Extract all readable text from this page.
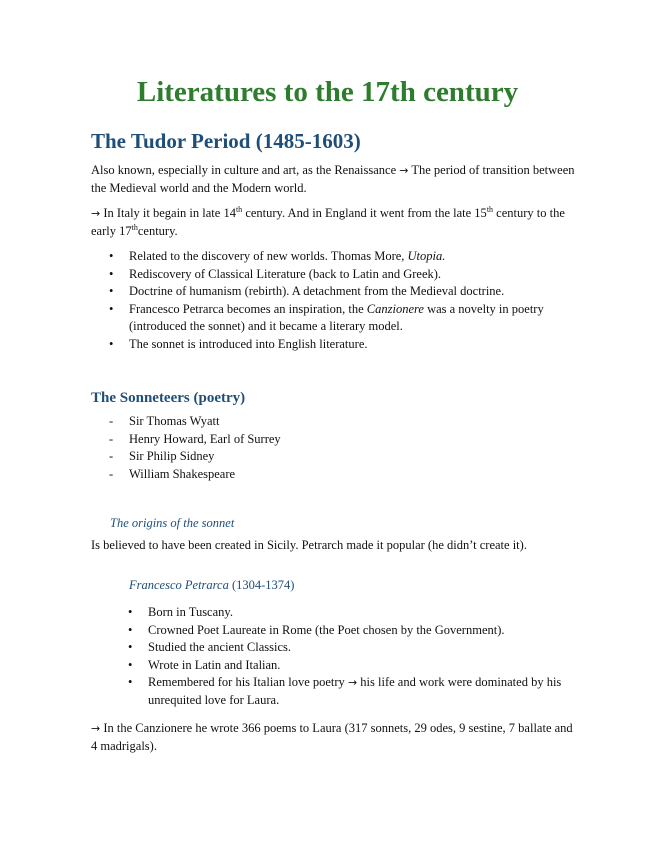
Literatures to the 17th century
The Tudor Period (1485-1603)

Also known, especially in culture and art, as the Renaissance → The period of transition between the Medieval world and the Modern world.

→ In Italy it begain in late 14th century. And in England it went from the late 15th century to the early 17thcentury.

• Related to the discovery of new worlds. Thomas More, Utopia.
• Rediscovery of Classical Literature (back to Latin and Greek).
• Doctrine of humanism (rebirth). A detachment from the Medieval doctrine.
• Francesco Petrarca becomes an inspiration, the Canzionere was a novelty in poetry (introduced the sonnet) and it became a literary model.
• The sonnet is introduced into English literature.
The Sonneteers (poetry)
- Sir Thomas Wyatt
- Henry Howard, Earl of Surrey
- Sir Philip Sidney
- William Shakespeare
The origins of the sonnet

Is believed to have been created in Sicily. Petrarch made it popular (he didn’t create it).

Francesco Petrarca (1304-1374)
• Born in Tuscany.
• Crowned Poet Laureate in Rome (the Poet chosen by the Government).
• Studied the ancient Classics.
• Wrote in Latin and Italian.
• Remembered for his Italian love poetry → his life and work were dominated by his unrequited love for Laura.

→ In the Canzionere he wrote 366 poems to Laura (317 sonnets, 29 odes, 9 sestine, 7 ballate and 4 madrigals).
